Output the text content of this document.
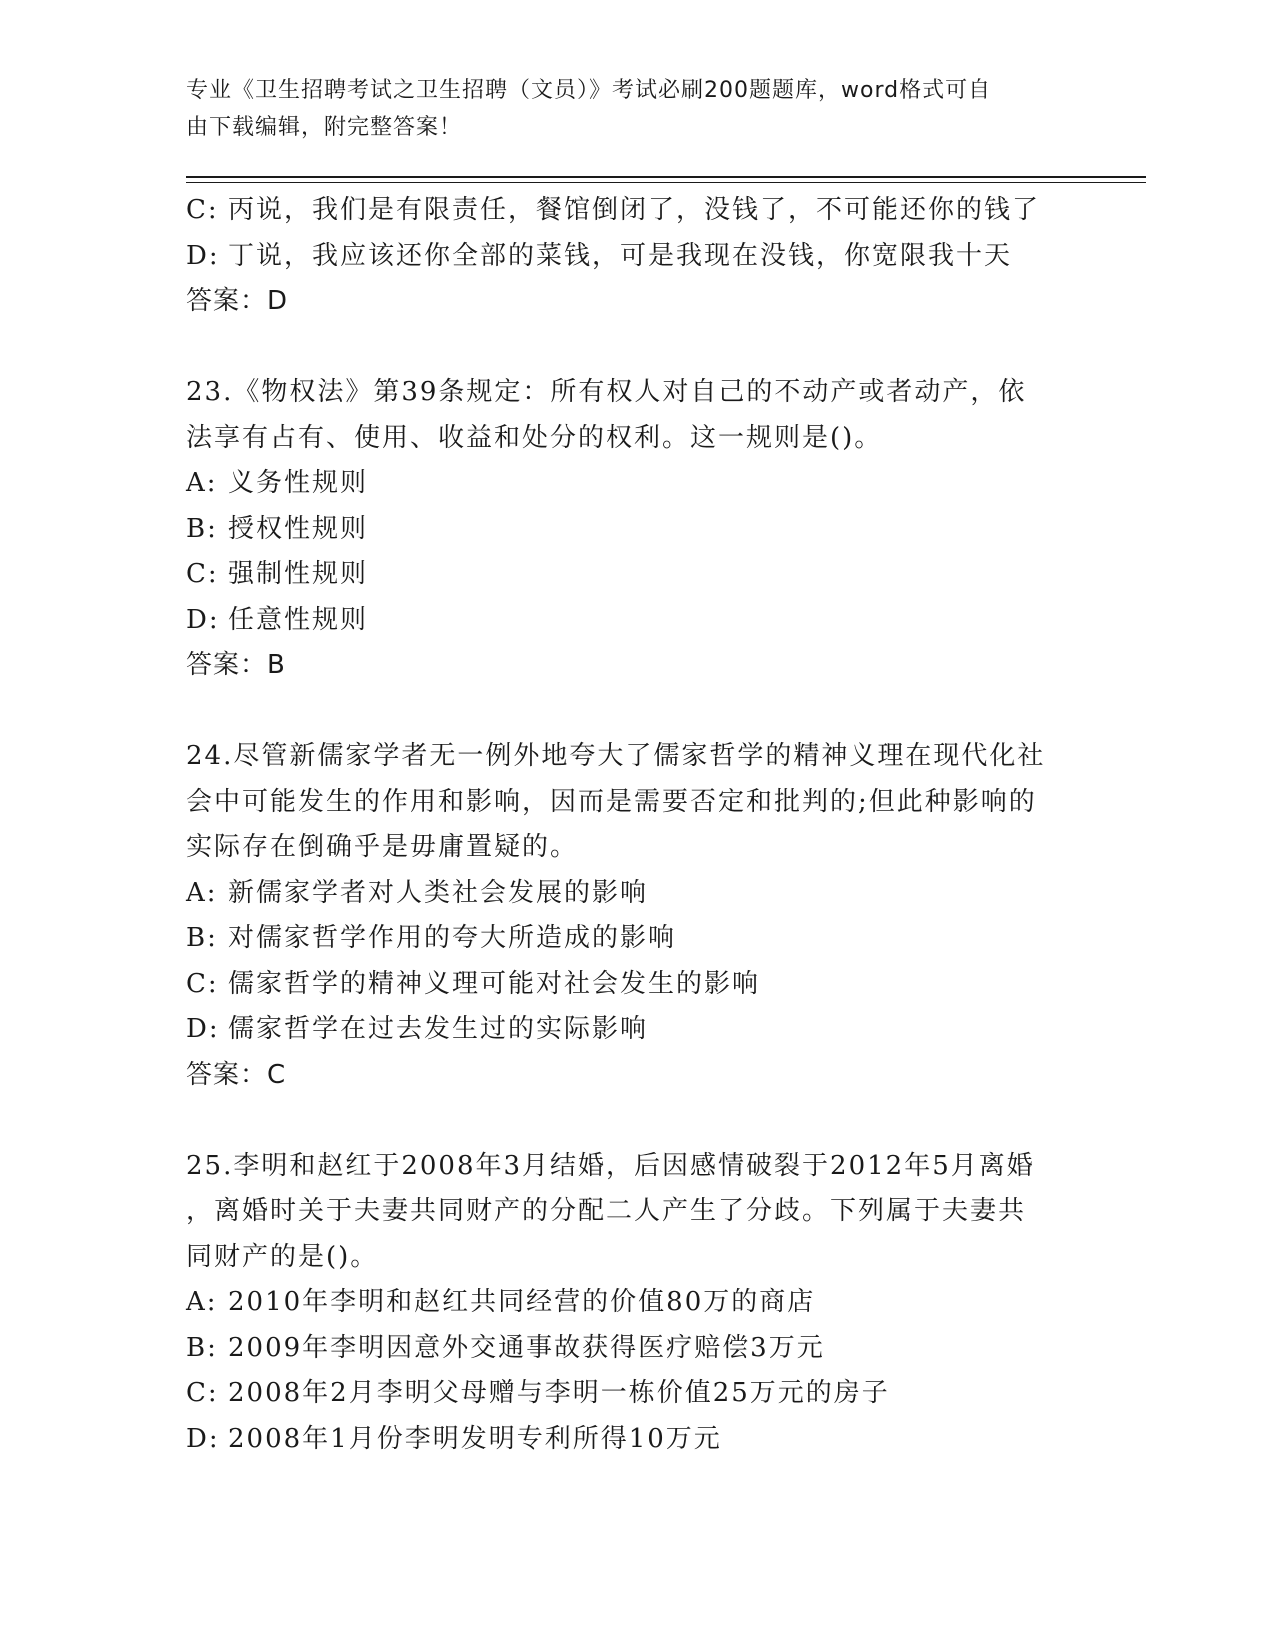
专业《卫生招聘考试之卫生招聘（文员）》考试必刷200题题库，word格式可自
由下载编辑，附完整答案！
C: 丙说，我们是有限责任，餐馆倒闭了，没钱了，不可能还你的钱了
D: 丁说，我应该还你全部的菜钱，可是我现在没钱，你宽限我十天
答案：D
23.《物权法》第39条规定：所有权人对自己的不动产或者动产，依
法享有占有、使用、收益和处分的权利。这一规则是()。
A: 义务性规则
B: 授权性规则
C: 强制性规则
D: 任意性规则
答案：B
24.尽管新儒家学者无一例外地夸大了儒家哲学的精神义理在现代化社
会中可能发生的作用和影响，因而是需要否定和批判的;但此种影响的
实际存在倒确乎是毋庸置疑的。
A: 新儒家学者对人类社会发展的影响
B: 对儒家哲学作用的夸大所造成的影响
C: 儒家哲学的精神义理可能对社会发生的影响
D: 儒家哲学在过去发生过的实际影响
答案：C
25.李明和赵红于2008年3月结婚，后因感情破裂于2012年5月离婚
，离婚时关于夫妻共同财产的分配二人产生了分歧。下列属于夫妻共
同财产的是()。
A: 2010年李明和赵红共同经营的价值80万的商店
B: 2009年李明因意外交通事故获得医疗赔偿3万元
C: 2008年2月李明父母赠与李明一栋价值25万元的房子
D: 2008年1月份李明发明专利所得10万元
